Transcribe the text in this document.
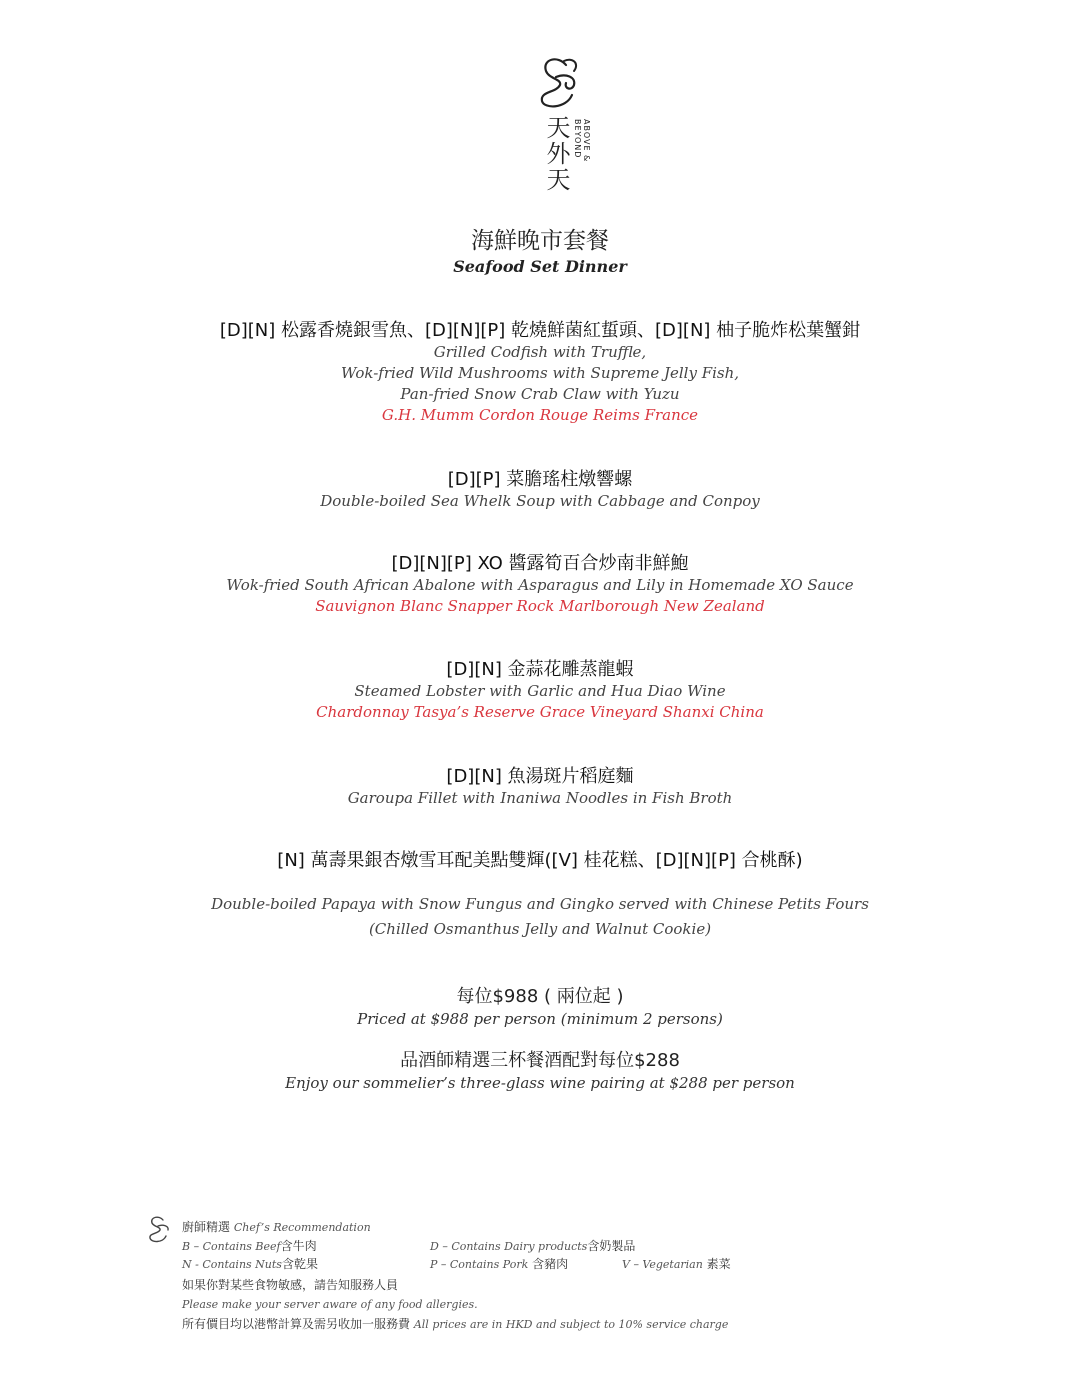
天外天	ABOVE & BEYOND
海鮮晚市套餐
Seafood Set Dinner
[D][N] 松露香燒銀雪魚、[D][N][P] 乾燒鮮菌紅蜇頭、[D][N] 柚子脆炸松葉蟹鉗
Grilled Codfish with Truffle,
Wok-fried Wild Mushrooms with Supreme Jelly Fish,
Pan-fried Snow Crab Claw with Yuzu
G.H. Mumm Cordon Rouge Reims France
[D][P] 菜膽瑤柱燉響螺
Double-boiled Sea Whelk Soup with Cabbage and Conpoy
[D][N][P] XO 醬露筍百合炒南非鮮鮑
Wok-fried South African Abalone with Asparagus and Lily in Homemade XO Sauce
Sauvignon Blanc Snapper Rock Marlborough New Zealand
[D][N] 金蒜花雕蒸龍蝦
Steamed Lobster with Garlic and Hua Diao Wine
Chardonnay Tasya’s Reserve Grace Vineyard Shanxi China
[D][N] 魚湯斑片稻庭麵
Garoupa Fillet with Inaniwa Noodles in Fish Broth
[N] 萬壽果銀杏燉雪耳配美點雙輝([V] 桂花糕、[D][N][P] 合桃酥)
Double-boiled Papaya with Snow Fungus and Gingko served with Chinese Petits Fours
(Chilled Osmanthus Jelly and Walnut Cookie)
每位$988 ( 兩位起 )
Priced at $988 per person (minimum 2 persons)
品酒師精選三杯餐酒配對每位$288
Enjoy our sommelier’s three-glass wine pairing at $288 per person
廚師精選 Chef’s Recommendation
B – Contains Beef含牛肉	D – Contains Dairy products含奶製品
N - Contains Nuts含乾果	P – Contains Pork 含豬肉	V – Vegetarian 素菜
如果你對某些食物敏感，請告知服務人員
Please make your server aware of any food allergies.
所有價目均以港幣計算及需另收加一服務費 All prices are in HKD and subject to 10% service charge
